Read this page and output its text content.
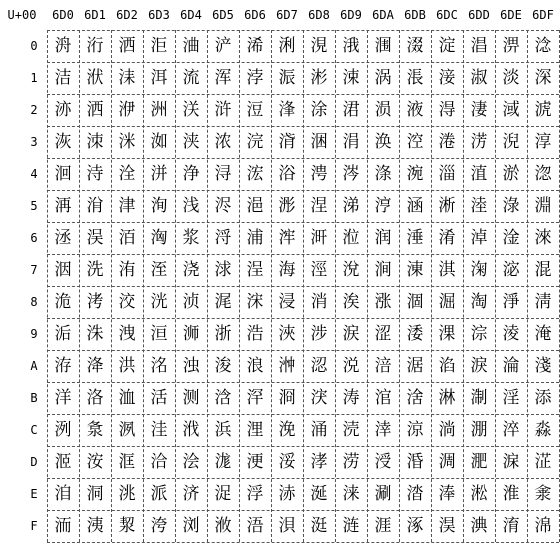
U+00	6D0 6D1 6D2 6D3 6D4 6D5 6D6 6D7 6D8 6D9 6DA 6DB 6DC 6DD 6DE 6DF
0
1
2
3
4
5
6
7
8
9
A
B
C
D
E
F
洀 洐 洒 洰 浀 浐 浠 浰 涀 涐 涠 涰 淀 淐 淠 淰
洁 洑 洡 洱 流 浑 浡 浱 涁 涑 涡 涱 淁 淑 淡 深
洂 洒 洢 洲 浂 浒 浢 浲 涂 涒 涢 液 淂 淒 淢 淲
洃 洓 洣 洳 浃 浓 浣 浳 涃 涓 涣 涳 淃 淓 淣 淳
洄 洔 洤 洴 浄 浔 浤 浴 涄 涔 涤 涴 淄 淔 淤 淴
洅 洕 津 洵 浅 浕 浥 浵 涅 涕 涥 涵 淅 淕 淥 淵
洆 洖 洦 洶 浆 浖 浦 浶 涆 涖 润 涶 淆 淖 淦 淶
洇 洗 洧 洷 浇 浗 浧 海 涇 涗 涧 涷 淇 淗 淧 混
洈 洘 洨 洸 浈 浘 浨 浸 消 涘 涨 涸 淈 淘 淨 淸
洉 洙 洩 洹 浉 浙 浩 浹 涉 涙 涩 涹 淉 淙 淩 淹
洊 洚 洪 洺 浊 浚 浪 浺 涊 涚 涪 涺 淊 淚 淪 淺
洋 洛 洫 活 测 浛 浫 浻 涋 涛 涫 涻 淋 淛 淫 添
洌 洜 洬 洼 浌 浜 浬 浼 涌 涜 涬 涼 淌 淜 淬 淼
洍 洝 洭 洽 浍 浝 浭 浽 涍 涝 涭 涽 淍 淝 淭 淽
洎 洞 洮 派 济 浞 浮 浾 涎 涞 涮 涾 淎 淞 淮 淾
洏 洟 洯 洿 浏 浟 浯 浿 涏 涟 涯 涿 淏 淟 淯 淿
